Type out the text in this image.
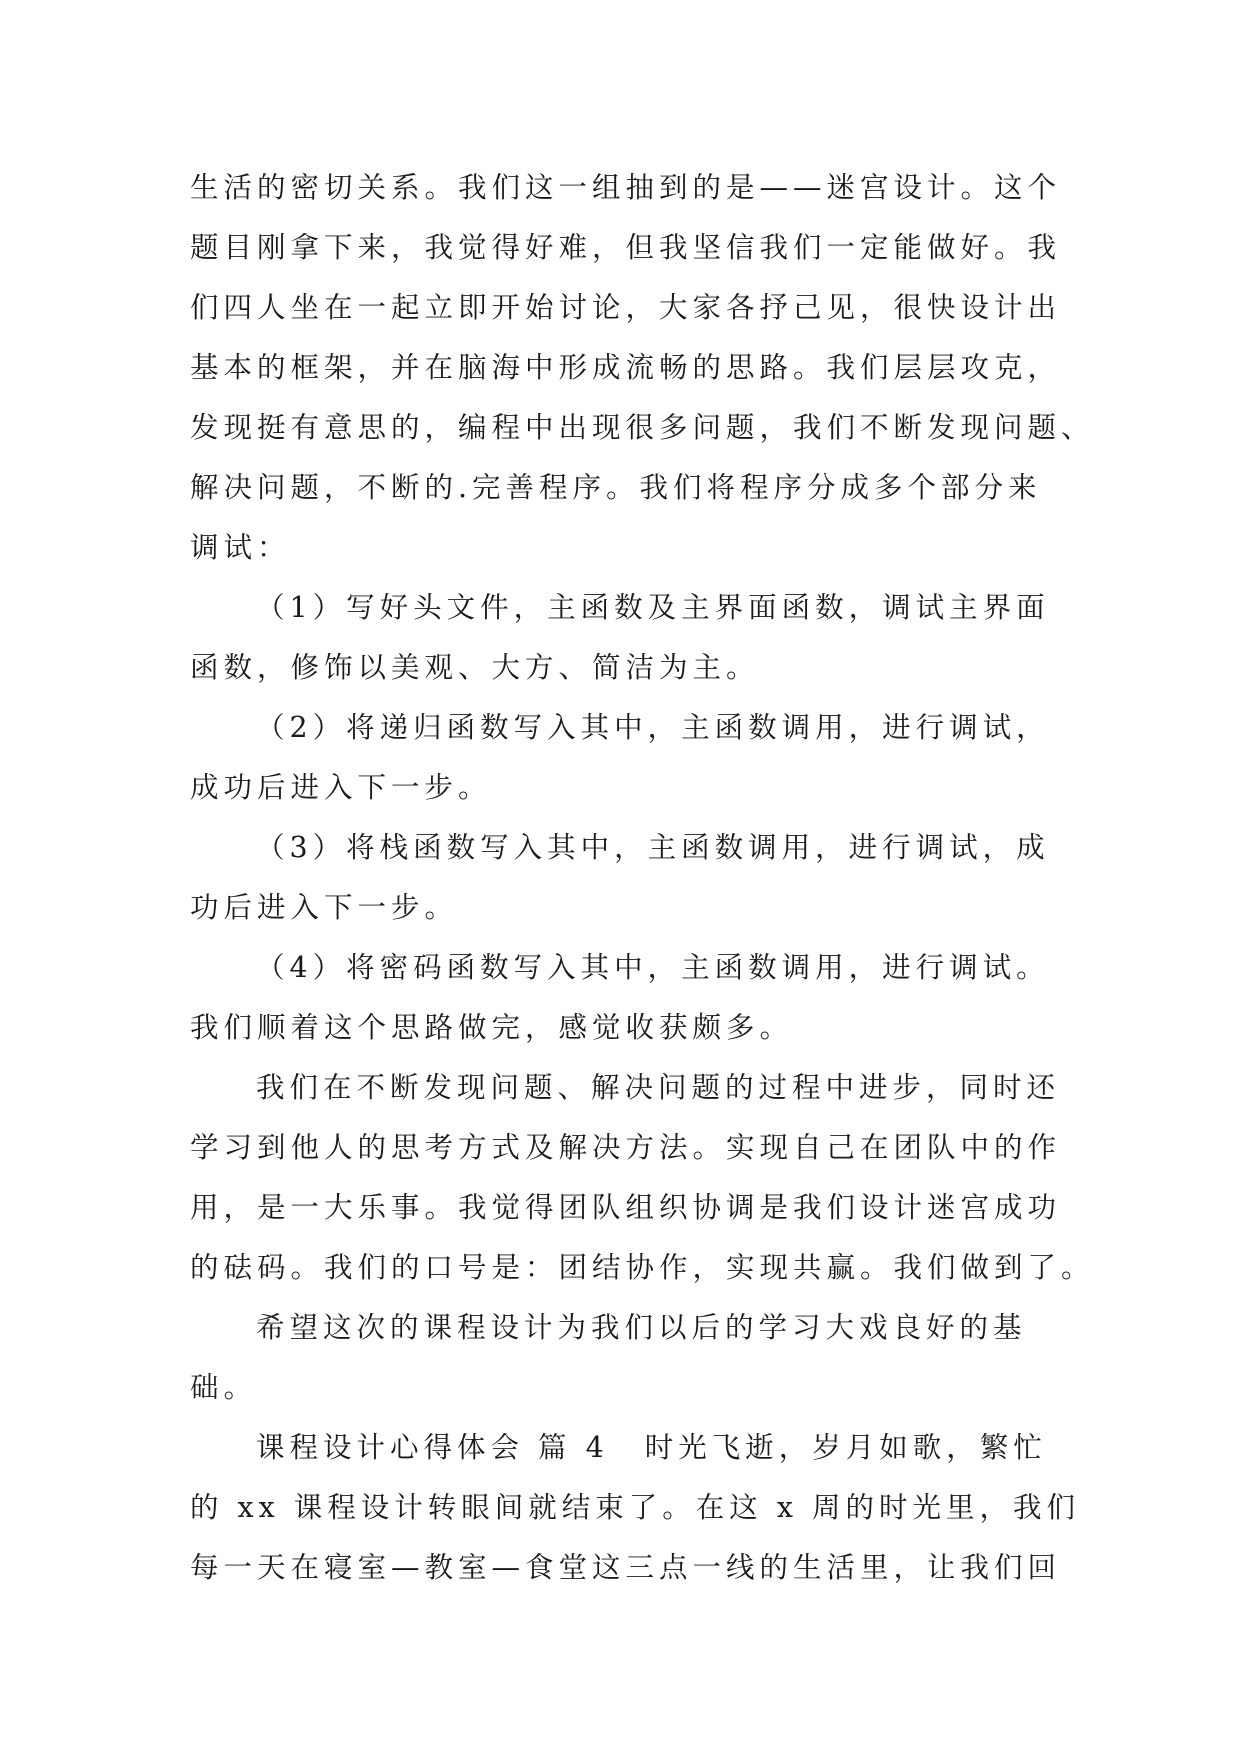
生活的密切关系。我们这一组抽到的是——迷宫设计。这个
题目刚拿下来，我觉得好难，但我坚信我们一定能做好。我
们四人坐在一起立即开始讨论，大家各抒己见，很快设计出
基本的框架，并在脑海中形成流畅的思路。我们层层攻克，
发现挺有意思的，编程中出现很多问题，我们不断发现问题、
解决问题，不断的.完善程序。我们将程序分成多个部分来
调试：
（1）写好头文件，主函数及主界面函数，调试主界面
函数，修饰以美观、大方、简洁为主。
（2）将递归函数写入其中，主函数调用，进行调试，
成功后进入下一步。
（3）将栈函数写入其中，主函数调用，进行调试，成
功后进入下一步。
（4）将密码函数写入其中，主函数调用，进行调试。
我们顺着这个思路做完，感觉收获颇多。
我们在不断发现问题、解决问题的过程中进步，同时还
学习到他人的思考方式及解决方法。实现自己在团队中的作
用，是一大乐事。我觉得团队组织协调是我们设计迷宫成功
的砝码。我们的口号是：团结协作，实现共赢。我们做到了。
希望这次的课程设计为我们以后的学习大戏良好的基
础。
课程设计心得体会 篇 4 时光飞逝，岁月如歌，繁忙
的 xx 课程设计转眼间就结束了。在这 x 周的时光里，我们
每一天在寝室—教室—食堂这三点一线的生活里，让我们回
